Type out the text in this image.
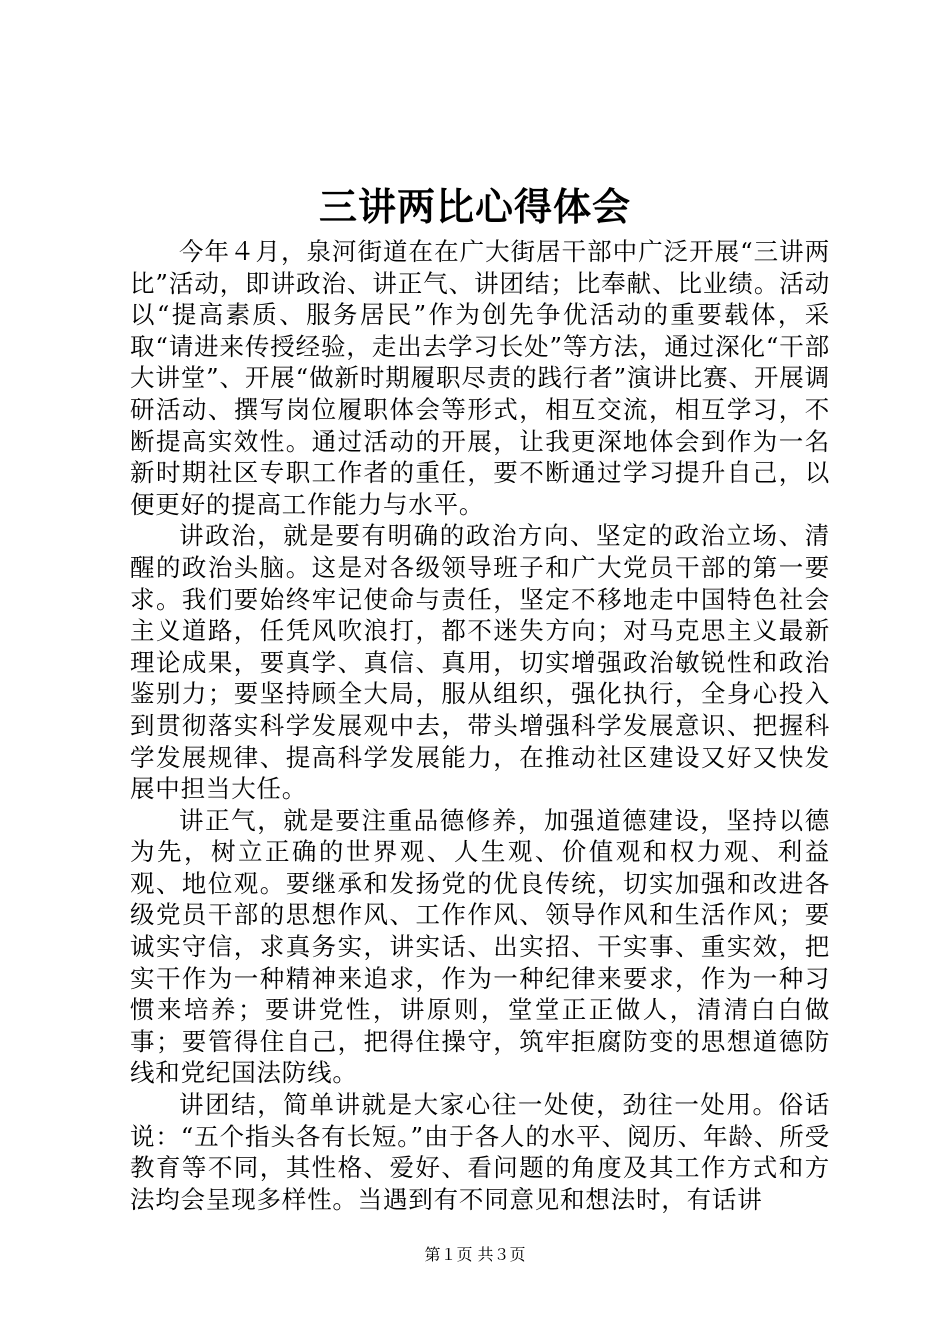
三讲两比心得体会

今年４月，泉河街道在在广大街居干部中广泛开展“三讲两比”活动，即讲政治、讲正气、讲团结；比奉献、比业绩。活动以“提高素质、服务居民”作为创先争优活动的重要载体，采取“请进来传授经验，走出去学习长处”等方法，通过深化“干部大讲堂”、开展“做新时期履职尽责的践行者”演讲比赛、开展调研活动、撰写岗位履职体会等形式，相互交流，相互学习，不断提高实效性。通过活动的开展，让我更深地体会到作为一名新时期社区专职工作者的重任，要不断通过学习提升自己，以便更好的提高工作能力与水平。

讲政治，就是要有明确的政治方向、坚定的政治立场、清醒的政治头脑。这是对各级领导班子和广大党员干部的第一要求。我们要始终牢记使命与责任，坚定不移地走中国特色社会主义道路，任凭风吹浪打，都不迷失方向；对马克思主义最新理论成果，要真学、真信、真用，切实增强政治敏锐性和政治鉴别力；要坚持顾全大局，服从组织，强化执行，全身心投入到贯彻落实科学发展观中去，带头增强科学发展意识、把握科学发展规律、提高科学发展能力，在推动社区建设又好又快发展中担当大任。

讲正气，就是要注重品德修养，加强道德建设，坚持以德为先，树立正确的世界观、人生观、价值观和权力观、利益观、地位观。要继承和发扬党的优良传统，切实加强和改进各级党员干部的思想作风、工作作风、领导作风和生活作风；要诚实守信，求真务实，讲实话、出实招、干实事、重实效，把实干作为一种精神来追求，作为一种纪律来要求，作为一种习惯来培养；要讲党性，讲原则，堂堂正正做人，清清白白做事；要管得住自己，把得住操守，筑牢拒腐防变的思想道德防线和党纪国法防线。

讲团结，简单讲就是大家心往一处使，劲往一处用。俗话说：“五个指头各有长短。”由于各人的水平、阅历、年龄、所受教育等不同，其性格、爱好、看问题的角度及其工作方式和方法均会呈现多样性。当遇到有不同意见和想法时，有话讲

第１页 共３页
